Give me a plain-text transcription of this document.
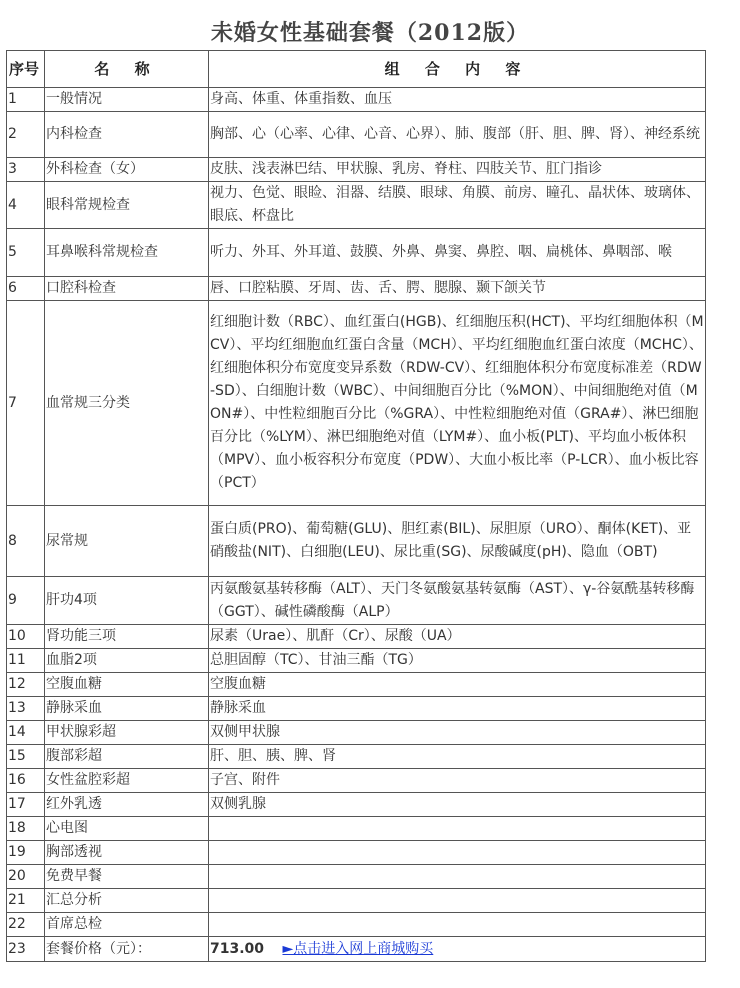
未婚女性基础套餐（2012版）
序号	名 称	组 合 内 容
1	一般情况	身高、体重、体重指数、血压
2	内科检查	胸部、心（心率、心律、心音、心界）、肺、腹部（肝、胆、脾、肾）、神经系统
3	外科检查（女）	皮肤、浅表淋巴结、甲状腺、乳房、脊柱、四肢关节、肛门指诊
4	眼科常规检查	视力、色觉、眼睑、泪器、结膜、眼球、角膜、前房、瞳孔、晶状体、玻璃体、眼底、杯盘比
5	耳鼻喉科常规检查	听力、外耳、外耳道、鼓膜、外鼻、鼻窦、鼻腔、咽、扁桃体、鼻咽部、喉
6	口腔科检查	唇、口腔粘膜、牙周、齿、舌、腭、腮腺、颞下颌关节
7	血常规三分类	红细胞计数（RBC）、血红蛋白(HGB)、红细胞压积(HCT)、平均红细胞体积（MCV）、平均红细胞血红蛋白含量（MCH）、平均红细胞血红蛋白浓度（MCHC）、红细胞体积分布宽度变异系数（RDW-CV）、红细胞体积分布宽度标准差（RDW-SD）、白细胞计数（WBC）、中间细胞百分比（%MON）、中间细胞绝对值（MON#）、中性粒细胞百分比（%GRA）、中性粒细胞绝对值（GRA#）、淋巴细胞百分比（%LYM）、淋巴细胞绝对值（LYM#）、血小板(PLT)、平均血小板体积（MPV）、血小板容积分布宽度（PDW）、大血小板比率（P-LCR）、血小板比容（PCT）
8	尿常规	蛋白质(PRO)、葡萄糖(GLU)、胆红素(BIL)、尿胆原（URO）、酮体(KET)、亚硝酸盐(NIT)、白细胞(LEU)、尿比重(SG)、尿酸碱度(pH)、隐血（OBT)
9	肝功4项	丙氨酸氨基转移酶（ALT）、天门冬氨酸氨基转氨酶（AST）、γ-谷氨酰基转移酶（GGT）、碱性磷酸酶（ALP）
10	肾功能三项	尿素（Urae）、肌酐（Cr）、尿酸（UA）
11	血脂2项	总胆固醇（TC）、甘油三酯（TG）
12	空腹血糖	空腹血糖
13	静脉采血	静脉采血
14	甲状腺彩超	双侧甲状腺
15	腹部彩超	肝、胆、胰、脾、肾
16	女性盆腔彩超	子宫、附件
17	红外乳透	双侧乳腺
18	心电图	
19	胸部透视	
20	免费早餐	
21	汇总分析	
22	首席总检	
23	套餐价格（元）：	713.00 ►点击进入网上商城购买
